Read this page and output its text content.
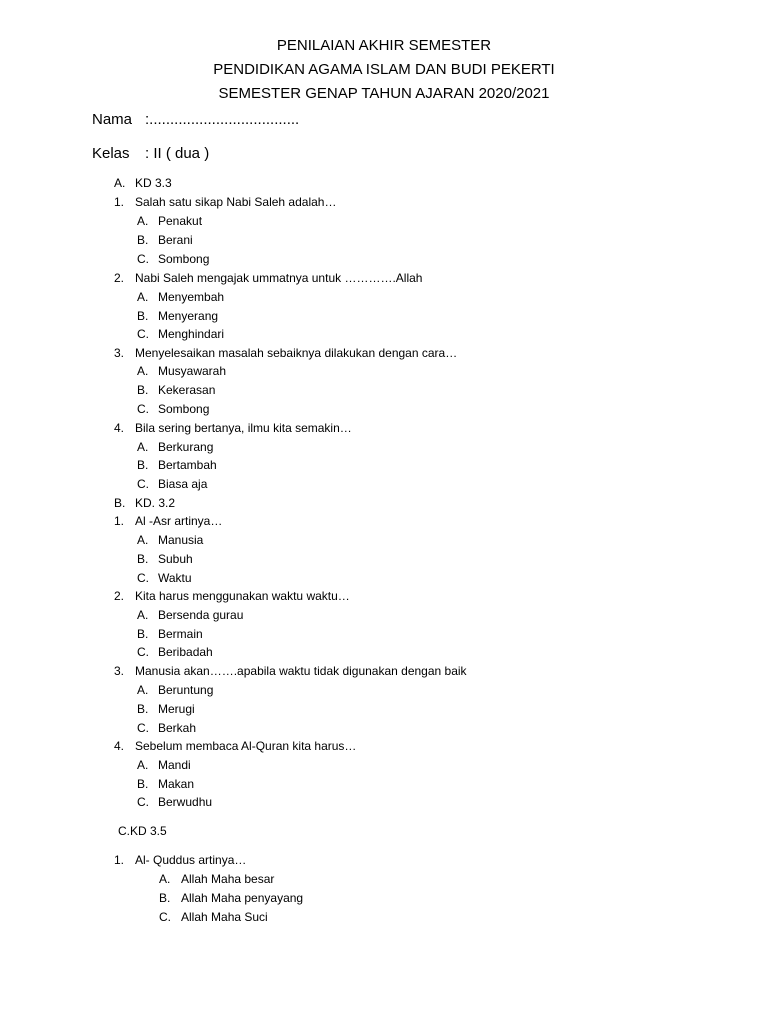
PENILAIAN AKHIR SEMESTER
PENDIDIKAN AGAMA ISLAM DAN BUDI PEKERTI
SEMESTER GENAP TAHUN AJARAN 2020/2021
Nama :....................................
Kelas : II ( dua )
A. KD 3.3
1. Salah satu sikap Nabi Saleh adalah…
A. Penakut
B. Berani
C. Sombong
2. Nabi Saleh mengajak ummatnya untuk ………….Allah
A. Menyembah
B. Menyerang
C. Menghindari
3. Menyelesaikan masalah sebaiknya dilakukan dengan cara…
A. Musyawarah
B. Kekerasan
C. Sombong
4. Bila sering bertanya, ilmu kita semakin…
A. Berkurang
B. Bertambah
C. Biasa aja
B. KD. 3.2
1. Al -Asr artinya…
A. Manusia
B. Subuh
C. Waktu
2. Kita harus menggunakan waktu waktu…
A. Bersenda gurau
B. Bermain
C. Beribadah
3. Manusia akan…….apabila waktu tidak digunakan dengan baik
A. Beruntung
B. Merugi
C. Berkah
4. Sebelum membaca Al-Quran kita harus…
A. Mandi
B. Makan
C. Berwudhu
C.KD 3.5
1. Al- Quddus artinya…
A. Allah Maha besar
B. Allah Maha penyayang
C. Allah Maha Suci
